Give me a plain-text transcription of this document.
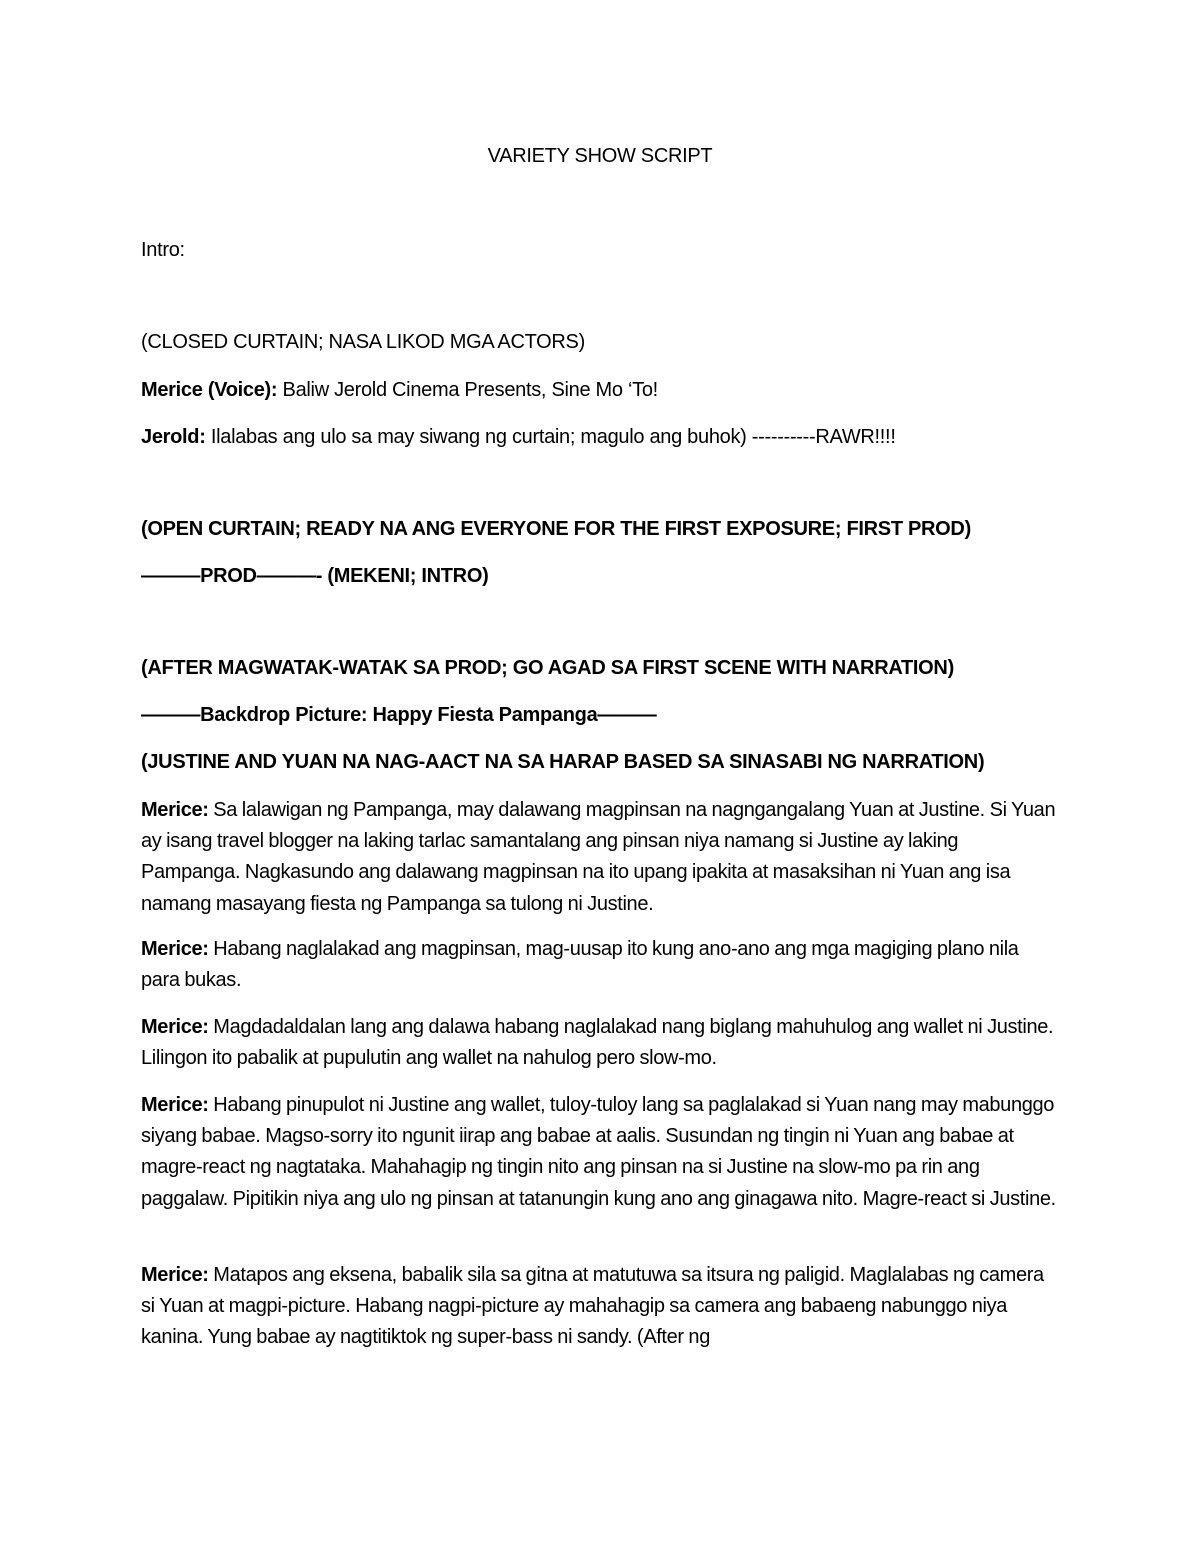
VARIETY SHOW SCRIPT
Intro:
(CLOSED CURTAIN; NASA LIKOD MGA ACTORS)
Merice (Voice): Baliw Jerold Cinema Presents, Sine Mo ‘To!
Jerold: Ilalabas ang ulo sa may siwang ng curtain; magulo ang buhok) ----------RAWR!!!!
(OPEN CURTAIN; READY NA ANG EVERYONE FOR THE FIRST EXPOSURE; FIRST PROD)
———PROD———- (MEKENI; INTRO)
(AFTER MAGWATAK-WATAK SA PROD; GO AGAD SA FIRST SCENE WITH NARRATION)
———Backdrop Picture: Happy Fiesta Pampanga———
(JUSTINE AND YUAN NA NAG-AACT NA SA HARAP BASED SA SINASABI NG NARRATION)
Merice: Sa lalawigan ng Pampanga, may dalawang magpinsan na nagngangalang Yuan at Justine. Si Yuan ay isang travel blogger na laking tarlac samantalang ang pinsan niya namang si Justine ay laking Pampanga. Nagkasundo ang dalawang magpinsan na ito upang ipakita at masaksihan ni Yuan ang isa namang masayang fiesta ng Pampanga sa tulong ni Justine.
Merice: Habang naglalakad ang magpinsan, mag-uusap ito kung ano-ano ang mga magiging plano nila para bukas.
Merice: Magdadaldalan lang ang dalawa habang naglalakad nang biglang mahuhulog ang wallet ni Justine. Lilingon ito pabalik at pupulutin ang wallet na nahulog pero slow-mo.
Merice: Habang pinupulot ni Justine ang wallet, tuloy-tuloy lang sa paglalakad si Yuan nang may mabunggo siyang babae. Magso-sorry ito ngunit iirap ang babae at aalis. Susundan ng tingin ni Yuan ang babae at magre-react ng nagtataka. Mahahagip ng tingin nito ang pinsan na si Justine na slow-mo pa rin ang paggalaw. Pipitikin niya ang ulo ng pinsan at tatanungin kung ano ang ginagawa nito. Magre-react si Justine.
Merice: Matapos ang eksena, babalik sila sa gitna at matutuwa sa itsura ng paligid. Maglalabas ng camera si Yuan at magpi-picture. Habang nagpi-picture ay mahahagip sa camera ang babaeng nabunggo niya kanina. Yung babae ay nagtitiktok ng super-bass ni sandy. (After ng
